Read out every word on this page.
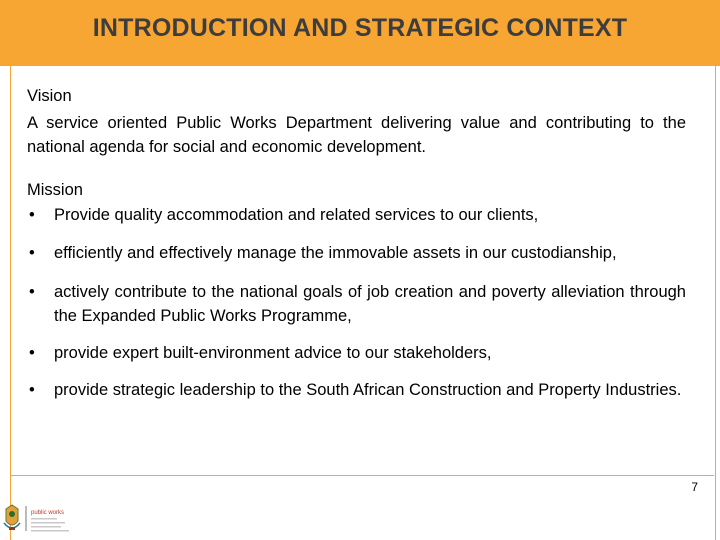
INTRODUCTION AND STRATEGIC CONTEXT
Vision
A service oriented Public Works Department delivering value and contributing to the national agenda for social and economic development.
Mission
• Provide quality accommodation and related services to our clients,
• efficiently and effectively manage the immovable assets in our custodianship,
• actively contribute to the national goals of job creation and poverty alleviation through the Expanded Public Works Programme,
• provide expert built-environment advice to our stakeholders,
• provide strategic leadership to the South African Construction and Property Industries.
public works
7
